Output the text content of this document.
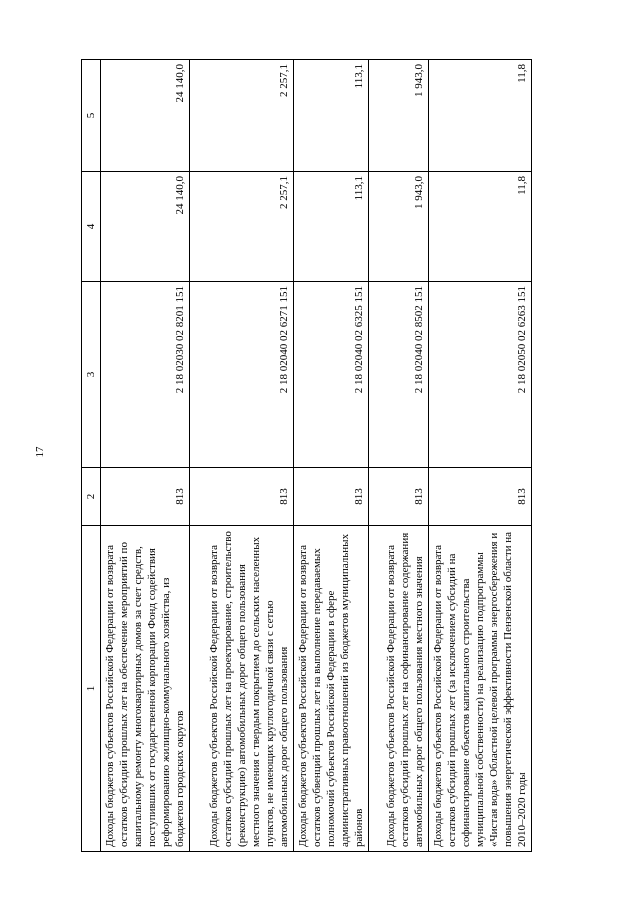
17
1	2	3	4	5
Доходы бюджетов субъектов Российской Федерации от возврата остатков субсидий прошлых лет на обеспечение мероприятий по капитальному ремонту многоквартирных домов за счет средств, поступивших от государственной корпорации Фонд содействия реформированию жилищно-коммунального хозяйства, из бюджетов городских округов	813	2 18 02030 02 8201 151	24 140,0	24 140,0
Доходы бюджетов субъектов Российской Федерации от возврата остатков субсидий прошлых лет на проектирование, строительство (реконструкцию) автомобильных дорог общего пользования местного значения с твердым покрытием до сельских населенных пунктов, не имеющих круглогодичной связи с сетью автомобильных дорог общего пользования	813	2 18 02040 02 6271 151	2 257,1	2 257,1
Доходы бюджетов субъектов Российской Федерации от возврата остатков субвенций прошлых лет на выполнение передаваемых полномочий субъектов Российской Федерации в сфере административных правоотношений из бюджетов муниципальных районов	813	2 18 02040 02 6325 151	113,1	113,1
Доходы бюджетов субъектов Российской Федерации от возврата остатков субсидий прошлых лет на софинансирование содержания автомобильных дорог общего пользования местного значения	813	2 18 02040 02 8502 151	1 943,0	1 943,0
Доходы бюджетов субъектов Российской Федерации от возврата остатков субсидий прошлых лет (за исключением субсидий на софинансирование объектов капитального строительства муниципальной собственности) на реализацию подпрограммы «Чистая вода» Областной целевой программы энергосбережения и повышения энергетической эффективности Пензенской области на 2010–2020 годы	813	2 18 02050 02 6263 151	11,8	11,8
